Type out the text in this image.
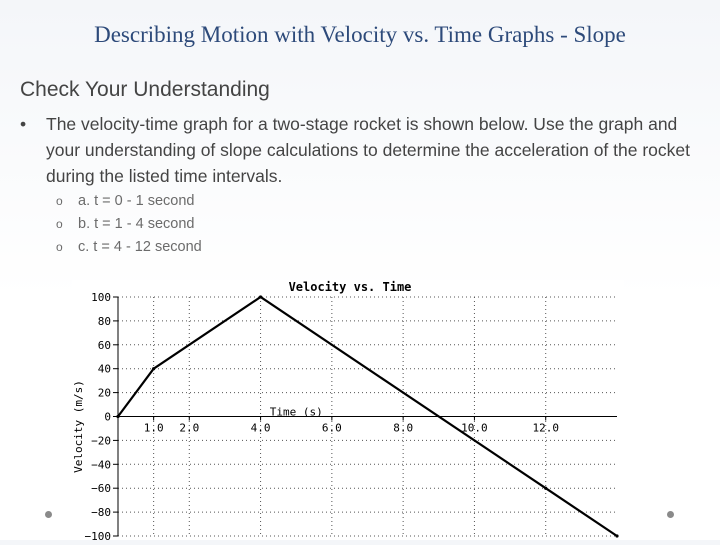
Describing Motion with Velocity vs. Time Graphs - Slope
Check Your Understanding
• The velocity-time graph for a two-stage rocket is shown below. Use the graph and your understanding of slope calculations to determine the acceleration of the rocket during the listed time intervals.
o a. t = 0 - 1 second
o b. t = 1 - 4 second
o c. t = 4 - 12 second
Velocity vs. Time
100
80
60
40
20
0
−20
−40
−60
−80
−100
1.0 2.0	4.0	6.0	8.0	10.0	12.0
Time (s)
Velocity (m/s)
